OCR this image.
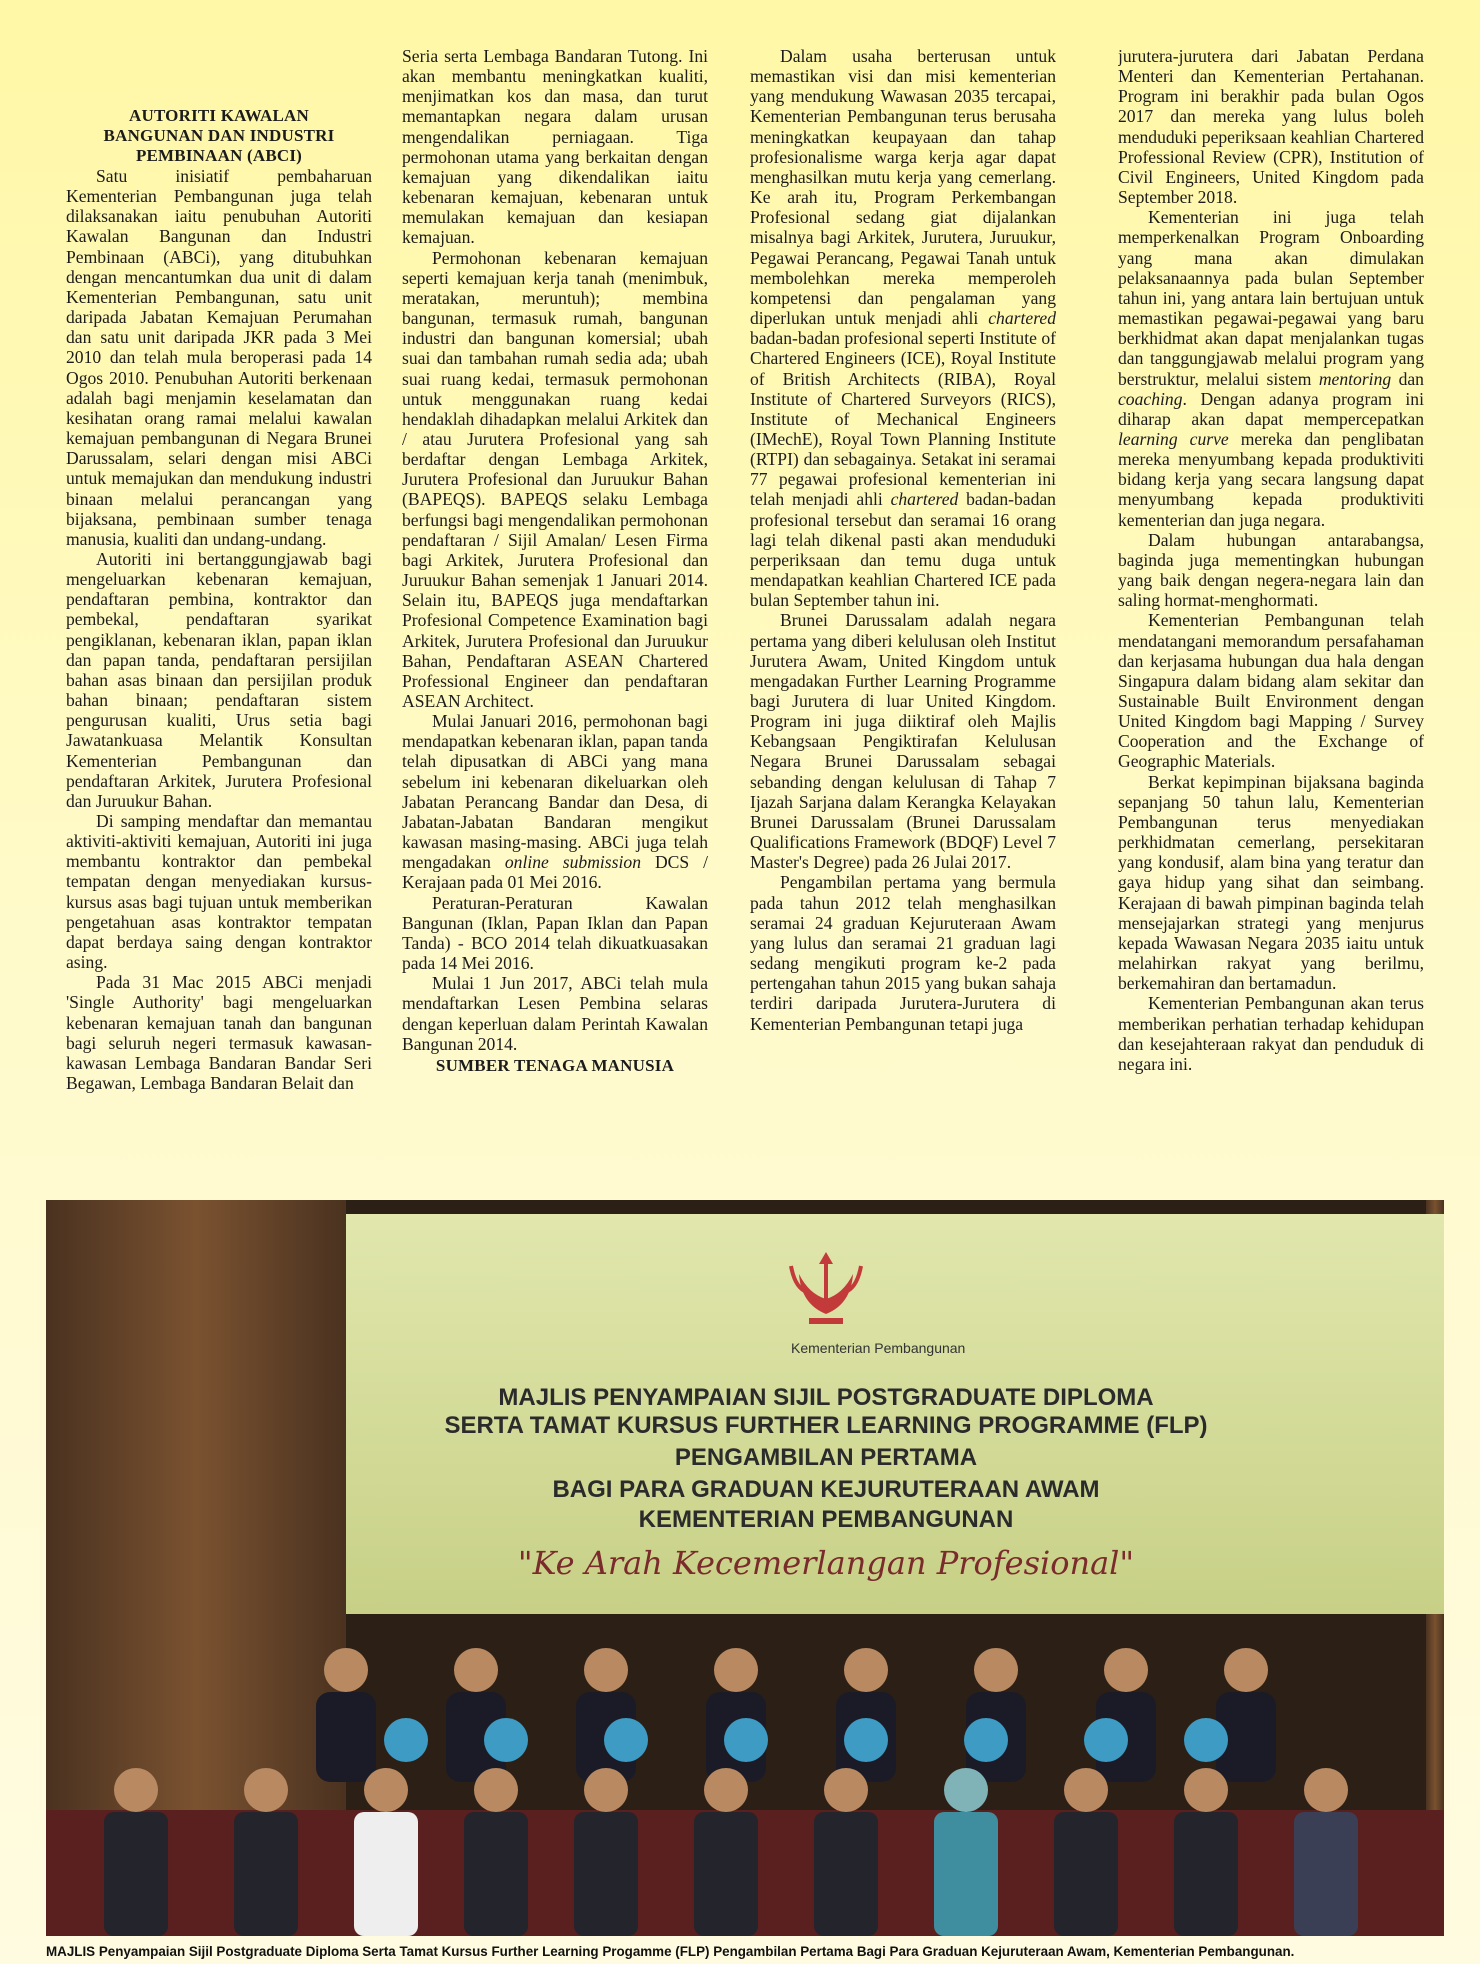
AUTORITI KAWALAN
BANGUNAN DAN INDUSTRI
PEMBINAAN (ABCI)

Satu inisiatif pembaharuan Kementerian Pembangunan juga telah dilaksanakan iaitu penubuhan Autoriti Kawalan Bangunan dan Industri Pembinaan (ABCi), yang ditubuhkan dengan mencantumkan dua unit di dalam Kementerian Pembangunan, satu unit daripada Jabatan Kemajuan Perumahan dan satu unit daripada JKR pada 3 Mei 2010 dan telah mula beroperasi pada 14 Ogos 2010. Penubuhan Autoriti berkenaan adalah bagi menjamin keselamatan dan kesihatan orang ramai melalui kawalan kemajuan pembangunan di Negara Brunei Darussalam, selari dengan misi ABCi untuk memajukan dan mendukung industri binaan melalui perancangan yang bijaksana, pembinaan sumber tenaga manusia, kualiti dan undang-undang.

Autoriti ini bertanggungjawab bagi mengeluarkan kebenaran kemajuan, pendaftaran pembina, kontraktor dan pembekal, pendaftaran syarikat pengiklanan, kebenaran iklan, papan iklan dan papan tanda, pendaftaran persijilan bahan asas binaan dan persijilan produk bahan binaan; pendaftaran sistem pengurusan kualiti, Urus setia bagi Jawatankuasa Melantik Konsultan Kementerian Pembangunan dan pendaftaran Arkitek, Jurutera Profesional dan Juruukur Bahan.

Di samping mendaftar dan memantau aktiviti-aktiviti kemajuan, Autoriti ini juga membantu kontraktor dan pembekal tempatan dengan menyediakan kursus-kursus asas bagi tujuan untuk memberikan pengetahuan asas kontraktor tempatan dapat berdaya saing dengan kontraktor asing.

Pada 31 Mac 2015 ABCi menjadi 'Single Authority' bagi mengeluarkan kebenaran kemajuan tanah dan bangunan bagi seluruh negeri termasuk kawasan-kawasan Lembaga Bandaran Bandar Seri Begawan, Lembaga Bandaran Belait dan

Seria serta Lembaga Bandaran Tutong. Ini akan membantu meningkatkan kualiti, menjimatkan kos dan masa, dan turut memantapkan negara dalam urusan mengendalikan perniagaan. Tiga permohonan utama yang berkaitan dengan kemajuan yang dikendalikan iaitu kebenaran kemajuan, kebenaran untuk memulakan kemajuan dan kesiapan kemajuan.

Permohonan kebenaran kemajuan seperti kemajuan kerja tanah (menimbuk, meratakan, meruntuh); membina bangunan, termasuk rumah, bangunan industri dan bangunan komersial; ubah suai dan tambahan rumah sedia ada; ubah suai ruang kedai, termasuk permohonan untuk menggunakan ruang kedai hendaklah dihadapkan melalui Arkitek dan / atau Jurutera Profesional yang sah berdaftar dengan Lembaga Arkitek, Jurutera Profesional dan Juruukur Bahan (BAPEQS). BAPEQS selaku Lembaga berfungsi bagi mengendalikan permohonan pendaftaran / Sijil Amalan/ Lesen Firma bagi Arkitek, Jurutera Profesional dan Juruukur Bahan semenjak 1 Januari 2014. Selain itu, BAPEQS juga mendaftarkan Profesional Competence Examination bagi Arkitek, Jurutera Profesional dan Juruukur Bahan, Pendaftaran ASEAN Chartered Professional Engineer dan pendaftaran ASEAN Architect.

Mulai Januari 2016, permohonan bagi mendapatkan kebenaran iklan, papan tanda telah dipusatkan di ABCi yang mana sebelum ini kebenaran dikeluarkan oleh Jabatan Perancang Bandar dan Desa, di Jabatan-Jabatan Bandaran mengikut kawasan masing-masing. ABCi juga telah mengadakan online submission DCS / Kerajaan pada 01 Mei 2016.

Peraturan-Peraturan Kawalan Bangunan (Iklan, Papan Iklan dan Papan Tanda) - BCO 2014 telah dikuatkuasakan pada 14 Mei 2016.

Mulai 1 Jun 2017, ABCi telah mula mendaftarkan Lesen Pembina selaras dengan keperluan dalam Perintah Kawalan Bangunan 2014.

SUMBER TENAGA MANUSIA

Dalam usaha berterusan untuk memastikan visi dan misi kementerian yang mendukung Wawasan 2035 tercapai, Kementerian Pembangunan terus berusaha meningkatkan keupayaan dan tahap profesionalisme warga kerja agar dapat menghasilkan mutu kerja yang cemerlang. Ke arah itu, Program Perkembangan Profesional sedang giat dijalankan misalnya bagi Arkitek, Jurutera, Juruukur, Pegawai Perancang, Pegawai Tanah untuk membolehkan mereka memperoleh kompetensi dan pengalaman yang diperlukan untuk menjadi ahli chartered badan-badan profesional seperti Institute of Chartered Engineers (ICE), Royal Institute of British Architects (RIBA), Royal Institute of Chartered Surveyors (RICS), Institute of Mechanical Engineers (IMechE), Royal Town Planning Institute (RTPI) dan sebagainya. Setakat ini seramai 77 pegawai profesional kementerian ini telah menjadi ahli chartered badan-badan profesional tersebut dan seramai 16 orang lagi telah dikenal pasti akan menduduki perperiksaan dan temu duga untuk mendapatkan keahlian Chartered ICE pada bulan September tahun ini.

Brunei Darussalam adalah negara pertama yang diberi kelulusan oleh Institut Jurutera Awam, United Kingdom untuk mengadakan Further Learning Programme bagi Jurutera di luar United Kingdom. Program ini juga diiktiraf oleh Majlis Kebangsaan Pengiktirafan Kelulusan Negara Brunei Darussalam sebagai sebanding dengan kelulusan di Tahap 7 Ijazah Sarjana dalam Kerangka Kelayakan Brunei Darussalam (Brunei Darussalam Qualifications Framework (BDQF) Level 7 Master's Degree) pada 26 Julai 2017.

Pengambilan pertama yang bermula pada tahun 2012 telah menghasilkan seramai 24 graduan Kejuruteraan Awam yang lulus dan seramai 21 graduan lagi sedang mengikuti program ke-2 pada pertengahan tahun 2015 yang bukan sahaja terdiri daripada Jurutera-Jurutera di Kementerian Pembangunan tetapi juga

jurutera-jurutera dari Jabatan Perdana Menteri dan Kementerian Pertahanan. Program ini berakhir pada bulan Ogos 2017 dan mereka yang lulus boleh menduduki peperiksaan keahlian Chartered Professional Review (CPR), Institution of Civil Engineers, United Kingdom pada September 2018.

Kementerian ini juga telah memperkenalkan Program Onboarding yang mana akan dimulakan pelaksanaannya pada bulan September tahun ini, yang antara lain bertujuan untuk memastikan pegawai-pegawai yang baru berkhidmat akan dapat menjalankan tugas dan tanggungjawab melalui program yang berstruktur, melalui sistem mentoring dan coaching. Dengan adanya program ini diharap akan dapat mempercepatkan learning curve mereka dan penglibatan mereka menyumbang kepada produktiviti bidang kerja yang secara langsung dapat menyumbang kepada produktiviti kementerian dan juga negara.

Dalam hubungan antarabangsa, baginda juga mementingkan hubungan yang baik dengan negera-negara lain dan saling hormat-menghormati.

Kementerian Pembangunan telah mendatangani memorandum persafahaman dan kerjasama hubungan dua hala dengan Singapura dalam bidang alam sekitar dan Sustainable Built Environment dengan United Kingdom bagi Mapping / Survey Cooperation and the Exchange of Geographic Materials.

Berkat kepimpinan bijaksana baginda sepanjang 50 tahun lalu, Kementerian Pembangunan terus menyediakan perkhidmatan cemerlang, persekitaran yang kondusif, alam bina yang teratur dan gaya hidup yang sihat dan seimbang. Kerajaan di bawah pimpinan baginda telah mensejajarkan strategi yang menjurus kepada Wawasan Negara 2035 iaitu untuk melahirkan rakyat yang berilmu, berkemahiran dan bertamadun.

Kementerian Pembangunan akan terus memberikan perhatian terhadap kehidupan dan kesejahteraan rakyat dan penduduk di negara ini.

Kementerian Pembangunan
MAJLIS PENYAMPAIAN SIJIL POSTGRADUATE DIPLOMA
SERTA TAMAT KURSUS FURTHER LEARNING PROGRAMME (FLP)
PENGAMBILAN PERTAMA
BAGI PARA GRADUAN KEJURUTERAAN AWAM
KEMENTERIAN PEMBANGUNAN
"Ke Arah Kecemerlangan Profesional"
MAJLIS Penyampaian Sijil Postgraduate Diploma Serta Tamat Kursus Further Learning Progamme (FLP) Pengambilan Pertama Bagi Para Graduan Kejuruteraan Awam, Kementerian Pembangunan.
